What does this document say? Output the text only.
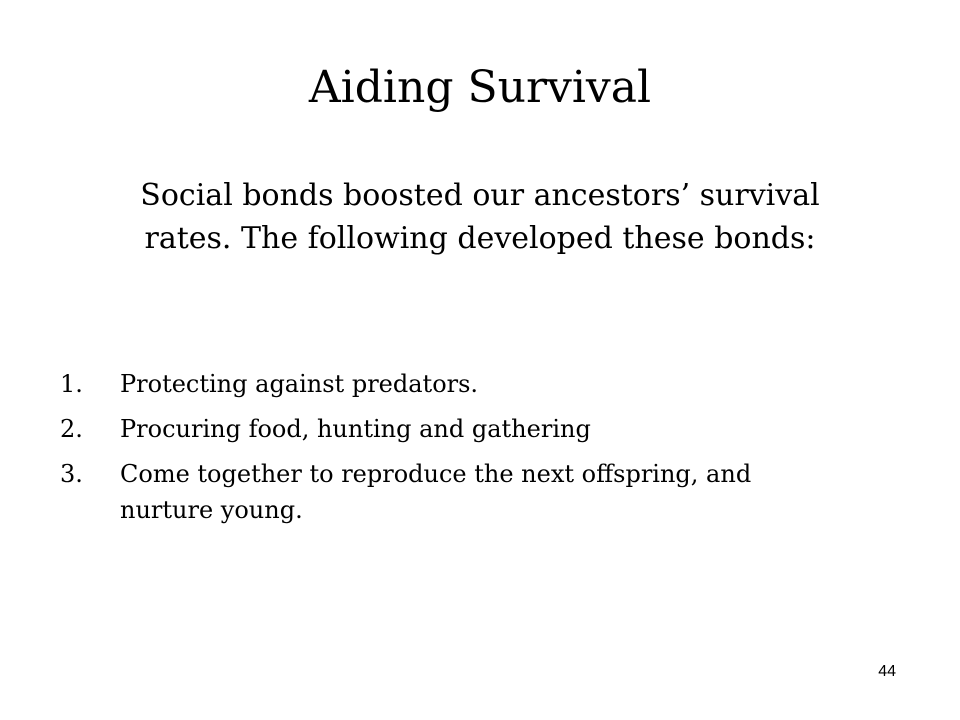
Aiding Survival
Social bonds boosted our ancestors’ survival
rates. The following developed these bonds:
1.	Protecting against predators.
2.	Procuring food, hunting and gathering
3.	Come together to reproduce the next offspring, and nurture young.
44
